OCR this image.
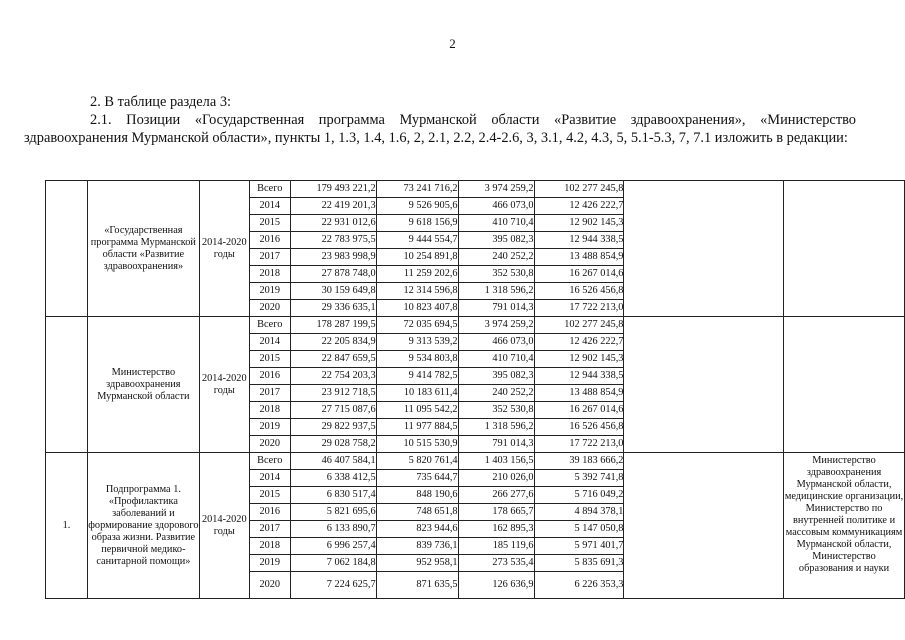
2
2. В таблице раздела 3:
2.1. Позиции «Государственная программа Мурманской области «Развитие здравоохранения», «Министерство здравоохранения Мурманской области», пункты 1, 1.3, 1.4, 1.6, 2, 2.1, 2.2, 2.4-2.6, 3, 3.1, 4.2, 4.3, 5, 5.1-5.3, 7, 7.1 изложить в редакции:
	«Государственная программа Мурманской области «Развитие здравоохранения»	2014-2020 годы	Всего	179 493 221,2	73 241 716,2	3 974 259,2	102 277 245,8		
			2014	22 419 201,3	9 526 905,6	466 073,0	12 426 222,7		
			2015	22 931 012,6	9 618 156,9	410 710,4	12 902 145,3		
			2016	22 783 975,5	9 444 554,7	395 082,3	12 944 338,5		
			2017	23 983 998,9	10 254 891,8	240 252,2	13 488 854,9		
			2018	27 878 748,0	11 259 202,6	352 530,8	16 267 014,6		
			2019	30 159 649,8	12 314 596,8	1 318 596,2	16 526 456,8		
			2020	29 336 635,1	10 823 407,8	791 014,3	17 722 213,0		
	Министерство здравоохранения Мурманской области	2014-2020 годы	Всего	178 287 199,5	72 035 694,5	3 974 259,2	102 277 245,8		
			2014	22 205 834,9	9 313 539,2	466 073,0	12 426 222,7		
			2015	22 847 659,5	9 534 803,8	410 710,4	12 902 145,3		
			2016	22 754 203,3	9 414 782,5	395 082,3	12 944 338,5		
			2017	23 912 718,5	10 183 611,4	240 252,2	13 488 854,9		
			2018	27 715 087,6	11 095 542,2	352 530,8	16 267 014,6		
			2019	29 822 937,5	11 977 884,5	1 318 596,2	16 526 456,8		
			2020	29 028 758,2	10 515 530,9	791 014,3	17 722 213,0		
1.	Подпрограмма 1. «Профилактика заболеваний и формирование здорового образа жизни. Развитие первичной медико-санитарной помощи»	2014-2020 годы	Всего	46 407 584,1	5 820 761,4	1 403 156,5	39 183 666,2		Министерство здравоохранения Мурманской области, медицинские организации, Министерство по внутренней политике и массовым коммуникациям Мурманской области, Министерство образования и науки
			2014	6 338 412,5	735 644,7	210 026,0	5 392 741,8		
			2015	6 830 517,4	848 190,6	266 277,6	5 716 049,2		
			2016	5 821 695,6	748 651,8	178 665,7	4 894 378,1		
			2017	6 133 890,7	823 944,6	162 895,3	5 147 050,8		
			2018	6 996 257,4	839 736,1	185 119,6	5 971 401,7		
			2019	7 062 184,8	952 958,1	273 535,4	5 835 691,3		
			2020	7 224 625,7	871 635,5	126 636,9	6 226 353,3		
